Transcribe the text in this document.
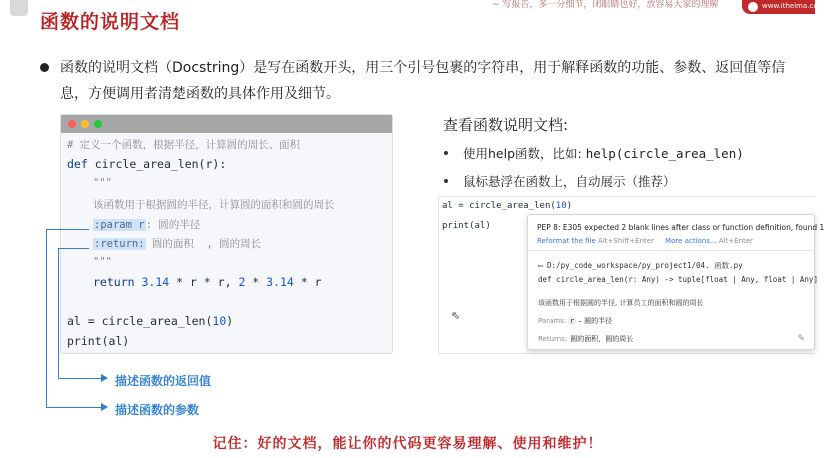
函数的说明文档
~ 写报告，多一分细节，闭眼睛也好，放容易大家的理解	www.itheima.com
函数的说明文档（Docstring）是写在函数开头，用三个引号包裹的字符串，用于解释函数的功能、参数、返回值等信息，方便调用者清楚函数的具体作用及细节。
# 定义一个函数，根据半径，计算圆的周长、面积
def circle_area_len(r):
"""
该函数用于根据圆的半径，计算圆的面积和圆的周长
:param r: 圆的半径
:return: 圆的面积  , 圆的周长
"""
return 3.14 * r * r, 2 * 3.14 * r
al = circle_area_len(10)
print(al)
描述函数的返回值
描述函数的参数
查看函数说明文档:
使用help函数，比如: help(circle_area_len)
鼠标悬浮在函数上，自动展示（推荐）
al = circle_area_len(10)
print(al)
⇖
PEP 8: E305 expected 2 blank lines after class or function definition, found 1
Reformat the file Alt+Shift+Enter More actions... Alt+Enter
▭ D:/py_code_workspace/py_project1/04. 函数.py
def circle_area_len(r: Any) -> tuple[float | Any, float | Any]
该函数用于根据圆的半径, 计算员工的面积和圆的周长
Params: r – 圆的半径
Returns: 圆的面积，圆的周长	✎
记住：好的文档，能让你的代码更容易理解、使用和维护！
